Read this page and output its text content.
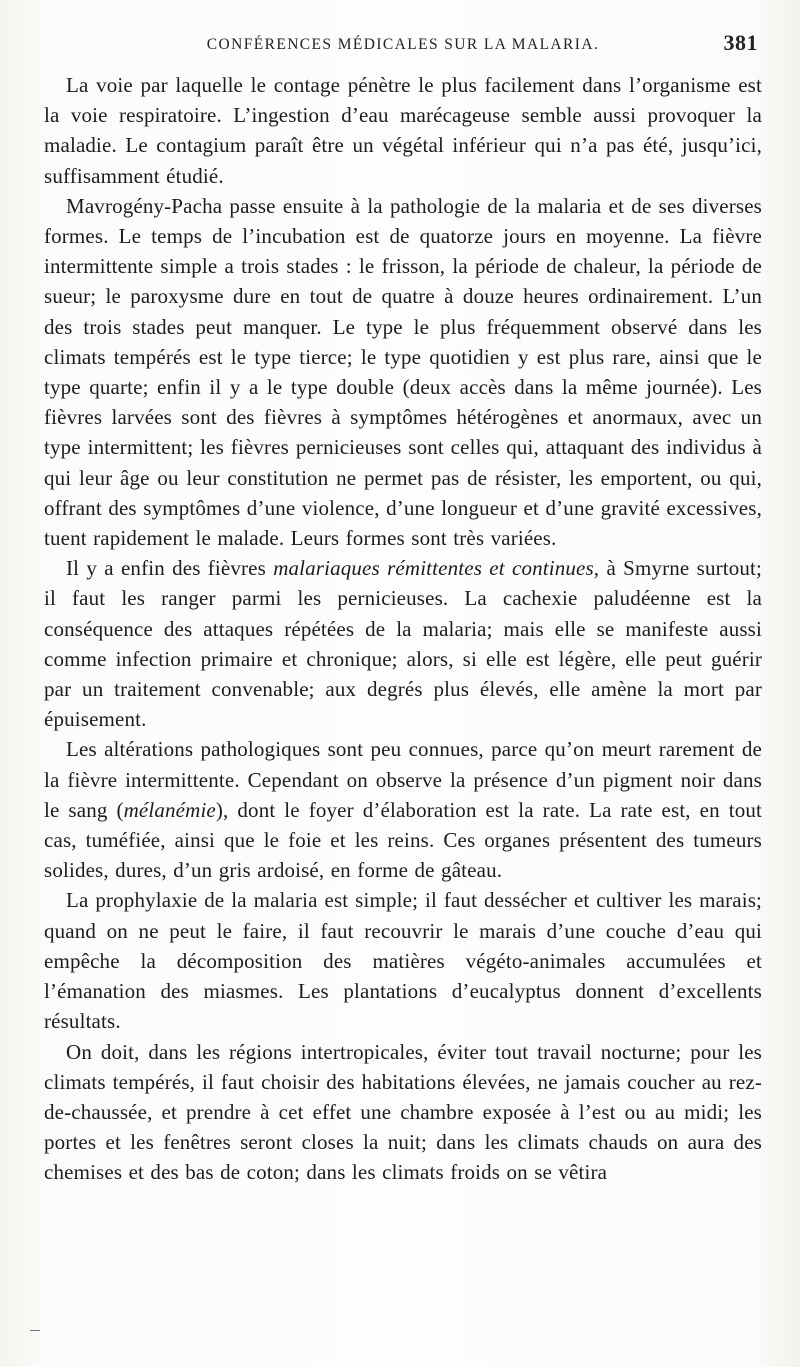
CONFÉRENCES MÉDICALES SUR LA MALARIA.	381

La voie par laquelle le contage pénètre le plus facilement dans l’organisme est la voie respiratoire. L’ingestion d’eau marécageuse semble aussi provoquer la maladie. Le contagium paraît être un végétal inférieur qui n’a pas été, jusqu’ici, suffisamment étudié.

Mavrogény-Pacha passe ensuite à la pathologie de la malaria et de ses diverses formes. Le temps de l’incubation est de quatorze jours en moyenne. La fièvre intermittente simple a trois stades : le frisson, la période de chaleur, la période de sueur; le paroxysme dure en tout de quatre à douze heures ordinairement. L’un des trois stades peut manquer. Le type le plus fréquemment observé dans les climats tempérés est le type tierce; le type quotidien y est plus rare, ainsi que le type quarte; enfin il y a le type double (deux accès dans la même journée). Les fièvres larvées sont des fièvres à symptômes hétérogènes et anormaux, avec un type intermittent; les fièvres pernicieuses sont celles qui, attaquant des individus à qui leur âge ou leur constitution ne permet pas de résister, les emportent, ou qui, offrant des symptômes d’une violence, d’une longueur et d’une gravité excessives, tuent rapidement le malade. Leurs formes sont très variées.

Il y a enfin des fièvres malariaques rémittentes et continues, à Smyrne surtout; il faut les ranger parmi les pernicieuses. La cachexie paludéenne est la conséquence des attaques répétées de la malaria; mais elle se manifeste aussi comme infection primaire et chronique; alors, si elle est légère, elle peut guérir par un traitement convenable; aux degrés plus élevés, elle amène la mort par épuisement.

Les altérations pathologiques sont peu connues, parce qu’on meurt rarement de la fièvre intermittente. Cependant on observe la présence d’un pigment noir dans le sang (mélanémie), dont le foyer d’élaboration est la rate. La rate est, en tout cas, tuméfiée, ainsi que le foie et les reins. Ces organes présentent des tumeurs solides, dures, d’un gris ardoisé, en forme de gâteau.

La prophylaxie de la malaria est simple; il faut dessécher et cultiver les marais; quand on ne peut le faire, il faut recouvrir le marais d’une couche d’eau qui empêche la décomposition des matières végéto-animales accumulées et l’émanation des miasmes. Les plantations d’eucalyptus donnent d’excellents résultats.

On doit, dans les régions intertropicales, éviter tout travail nocturne; pour les climats tempérés, il faut choisir des habitations élevées, ne jamais coucher au rez-de-chaussée, et prendre à cet effet une chambre exposée à l’est ou au midi; les portes et les fenêtres seront closes la nuit; dans les climats chauds on aura des chemises et des bas de coton; dans les climats froids on se vêtira
